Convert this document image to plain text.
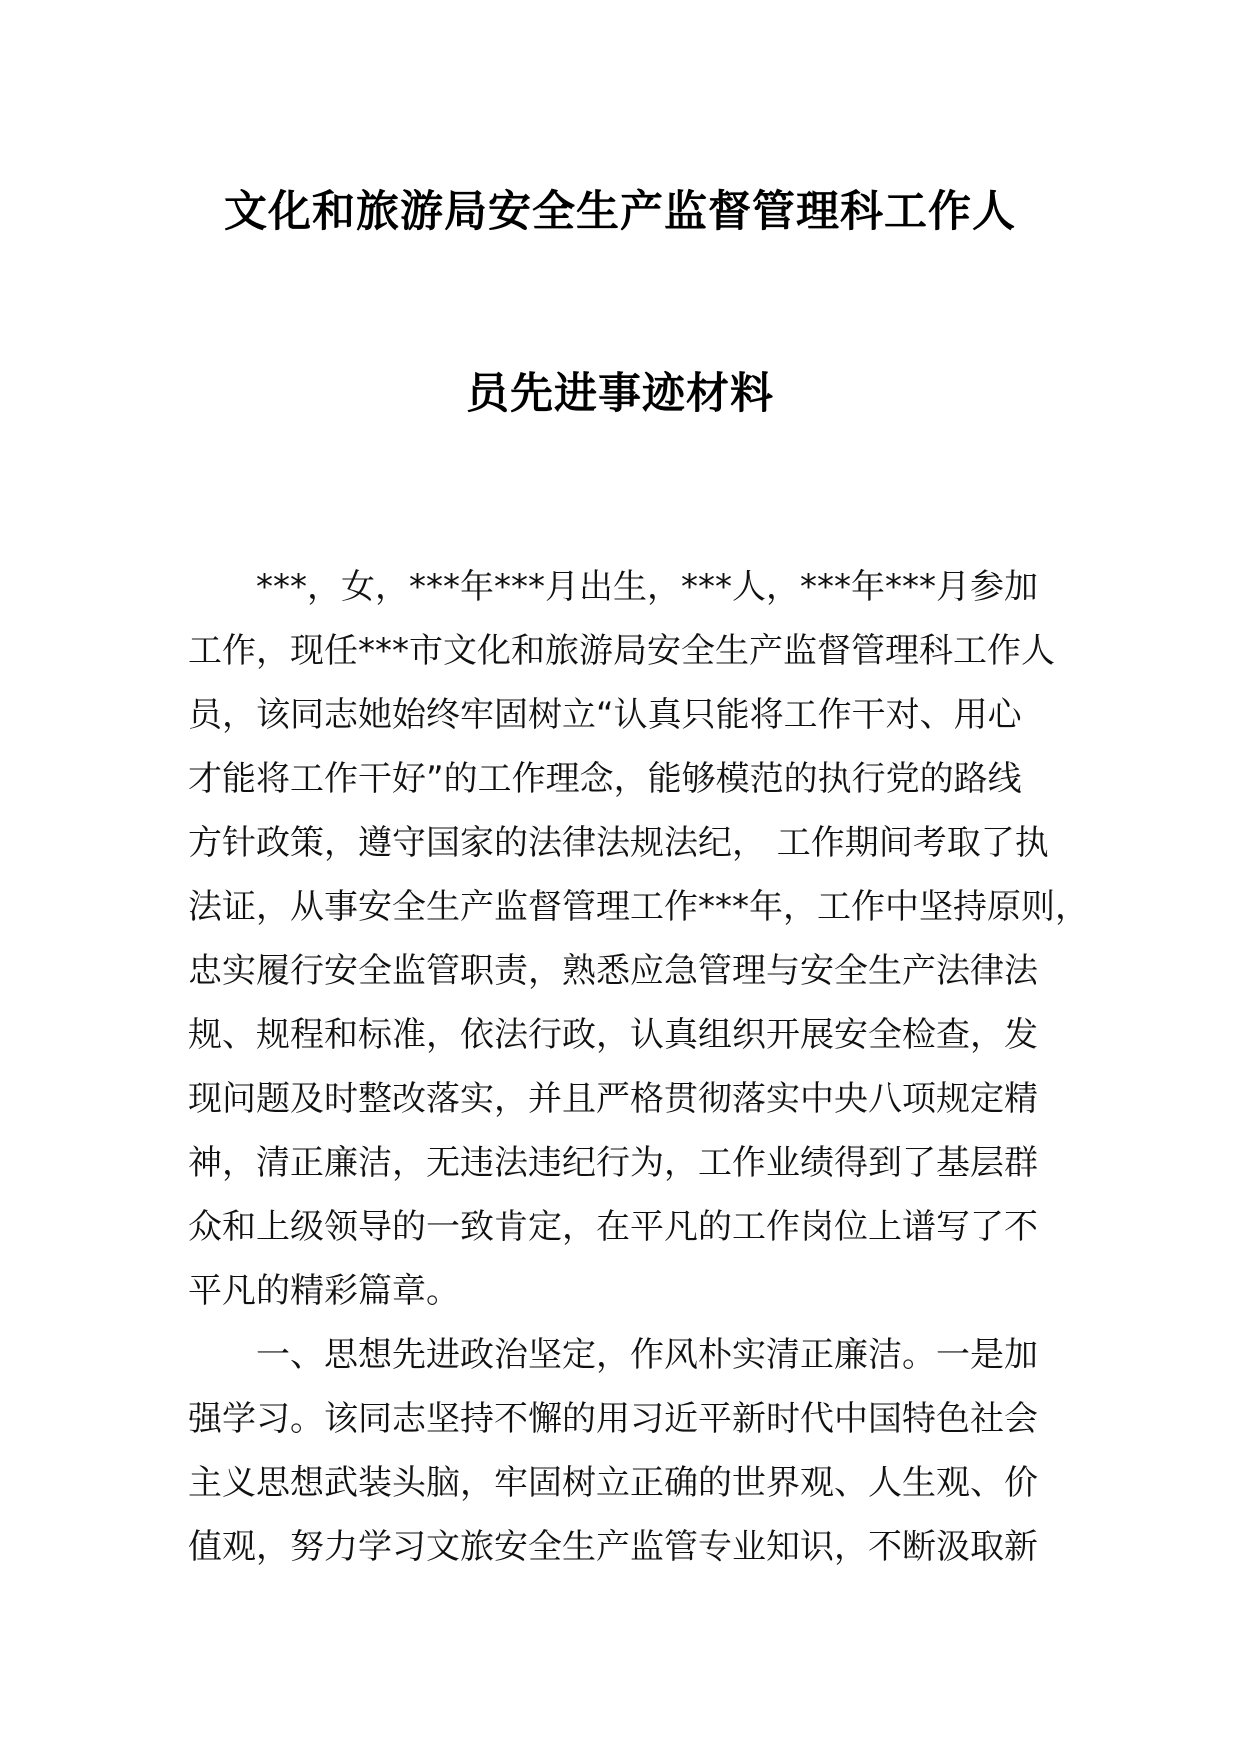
文化和旅游局安全生产监督管理科工作人
员先进事迹材料
***，女，***年***月出生，***人，***年***月参加
工作，现任***市文化和旅游局安全生产监督管理科工作人
员，该同志她始终牢固树立“认真只能将工作干对、用心
才能将工作干好”的工作理念，能够模范的执行党的路线
方针政策，遵守国家的法律法规法纪， 工作期间考取了执
法证，从事安全生产监督管理工作***年，工作中坚持原则，
忠实履行安全监管职责，熟悉应急管理与安全生产法律法
规、规程和标准，依法行政，认真组织开展安全检查，发
现问题及时整改落实，并且严格贯彻落实中央八项规定精
神，清正廉洁，无违法违纪行为，工作业绩得到了基层群
众和上级领导的一致肯定，在平凡的工作岗位上谱写了不
平凡的精彩篇章。
一、思想先进政治坚定，作风朴实清正廉洁。一是加
强学习。该同志坚持不懈的用习近平新时代中国特色社会
主义思想武装头脑，牢固树立正确的世界观、人生观、价
值观，努力学习文旅安全生产监管专业知识，不断汲取新
